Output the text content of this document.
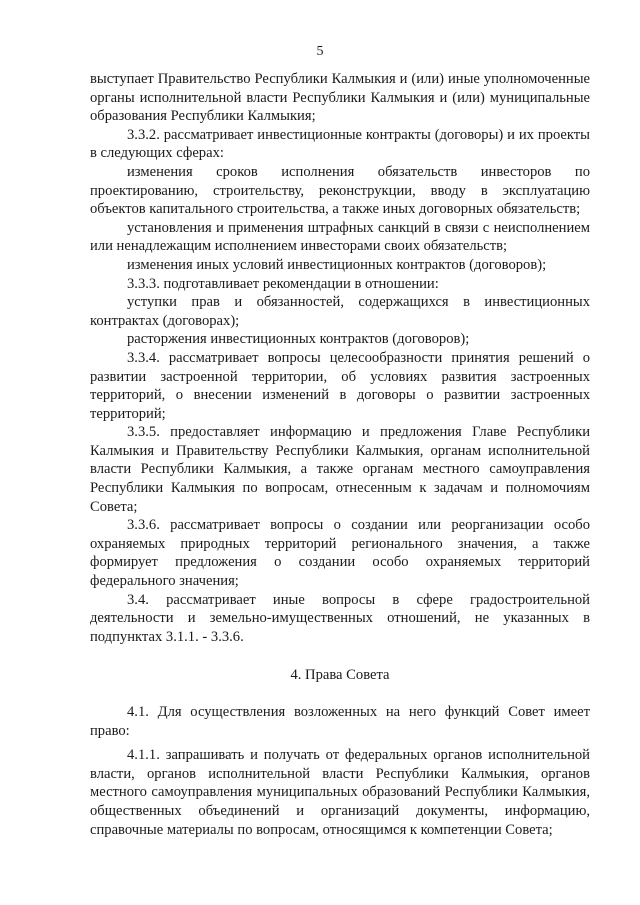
5

выступает Правительство Республики Калмыкия и (или) иные уполномоченные органы исполнительной власти Республики Калмыкия и (или) муниципальные образования Республики Калмыкия;

3.3.2. рассматривает инвестиционные контракты (договоры) и их проекты в следующих сферах:

изменения сроков исполнения обязательств инвесторов по проектированию, строительству, реконструкции, вводу в эксплуатацию объектов капитального строительства, а также иных договорных обязательств;

установления и применения штрафных санкций в связи с неисполнением или ненадлежащим исполнением инвесторами своих обязательств;

изменения иных условий инвестиционных контрактов (договоров);

3.3.3. подготавливает рекомендации в отношении:

уступки прав и обязанностей, содержащихся в инвестиционных контрактах (договорах);

расторжения инвестиционных контрактов (договоров);

3.3.4. рассматривает вопросы целесообразности принятия решений о развитии застроенной территории, об условиях развития застроенных территорий, о внесении изменений в договоры о развитии застроенных территорий;

3.3.5. предоставляет информацию и предложения Главе Республики Калмыкия и Правительству Республики Калмыкия, органам исполнительной власти Республики Калмыкия, а также органам местного самоуправления Республики Калмыкия по вопросам, отнесенным к задачам и полномочиям Совета;

3.3.6. рассматривает вопросы о создании или реорганизации особо охраняемых природных территорий регионального значения, а также формирует предложения о создании особо охраняемых территорий федерального значения;

3.4. рассматривает иные вопросы в сфере градостроительной деятельности и земельно-имущественных отношений, не указанных в подпунктах 3.1.1. - 3.3.6.

4. Права Совета

4.1. Для осуществления возложенных на него функций Совет имеет право:

4.1.1. запрашивать и получать от федеральных органов исполнительной власти, органов исполнительной власти Республики Калмыкия, органов местного самоуправления муниципальных образований Республики Калмыкия, общественных объединений и организаций документы, информацию, справочные материалы по вопросам, относящимся к компетенции Совета;
